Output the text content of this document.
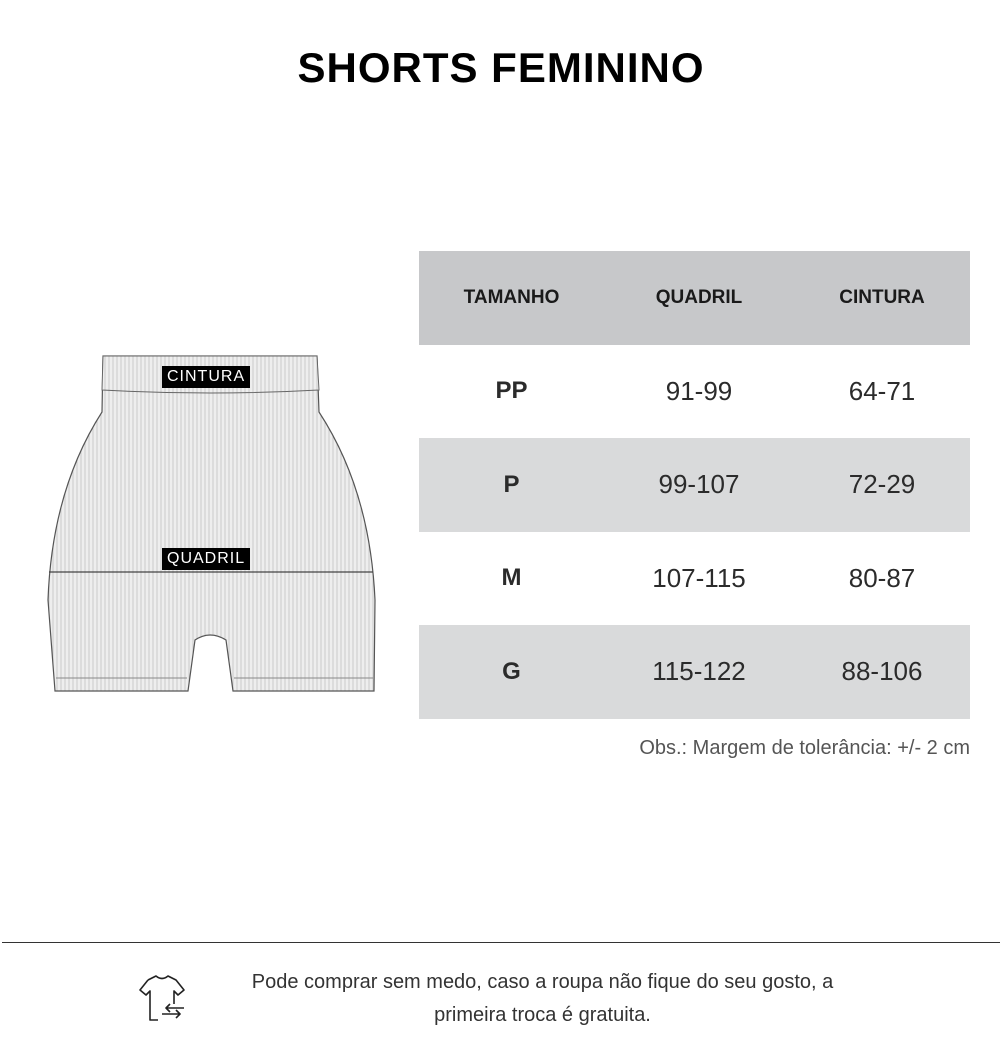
SHORTS FEMININO
CINTURA
QUADRIL
TAMANHO	QUADRIL	CINTURA
PP	91-99	64-71
P	99-107	72-29
M	107-115	80-87
G	115-122	88-106
Obs.: Margem de tolerância: +/- 2 cm
Pode comprar sem medo, caso a roupa não fique do seu gosto, a
primeira troca é gratuita.
